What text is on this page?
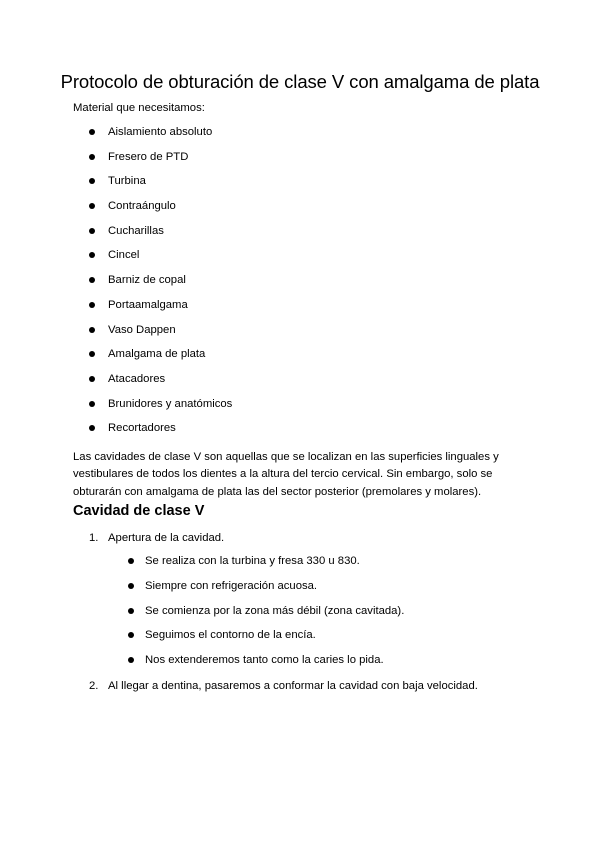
Protocolo de obturación de clase V con amalgama de plata

Material que necesitamos:

Aislamiento absoluto
Fresero de PTD
Turbina
Contraángulo
Cucharillas
Cincel
Barniz de copal
Portaamalgama
Vaso Dappen
Amalgama de plata
Atacadores
Brunidores y anatómicos
Recortadores

Las cavidades de clase V son aquellas que se localizan en las superficies linguales y vestibulares de todos los dientes a la altura del tercio cervical. Sin embargo, solo se obturarán con amalgama de plata las del sector posterior (premolares y molares).

Cavidad de clase V
1. Apertura de la cavidad.
Se realiza con la turbina y fresa 330 u 830.
Siempre con refrigeración acuosa.
Se comienza por la zona más débil (zona cavitada).
Seguimos el contorno de la encía.
Nos extenderemos tanto como la caries lo pida.
2. Al llegar a dentina, pasaremos a conformar la cavidad con baja velocidad.
